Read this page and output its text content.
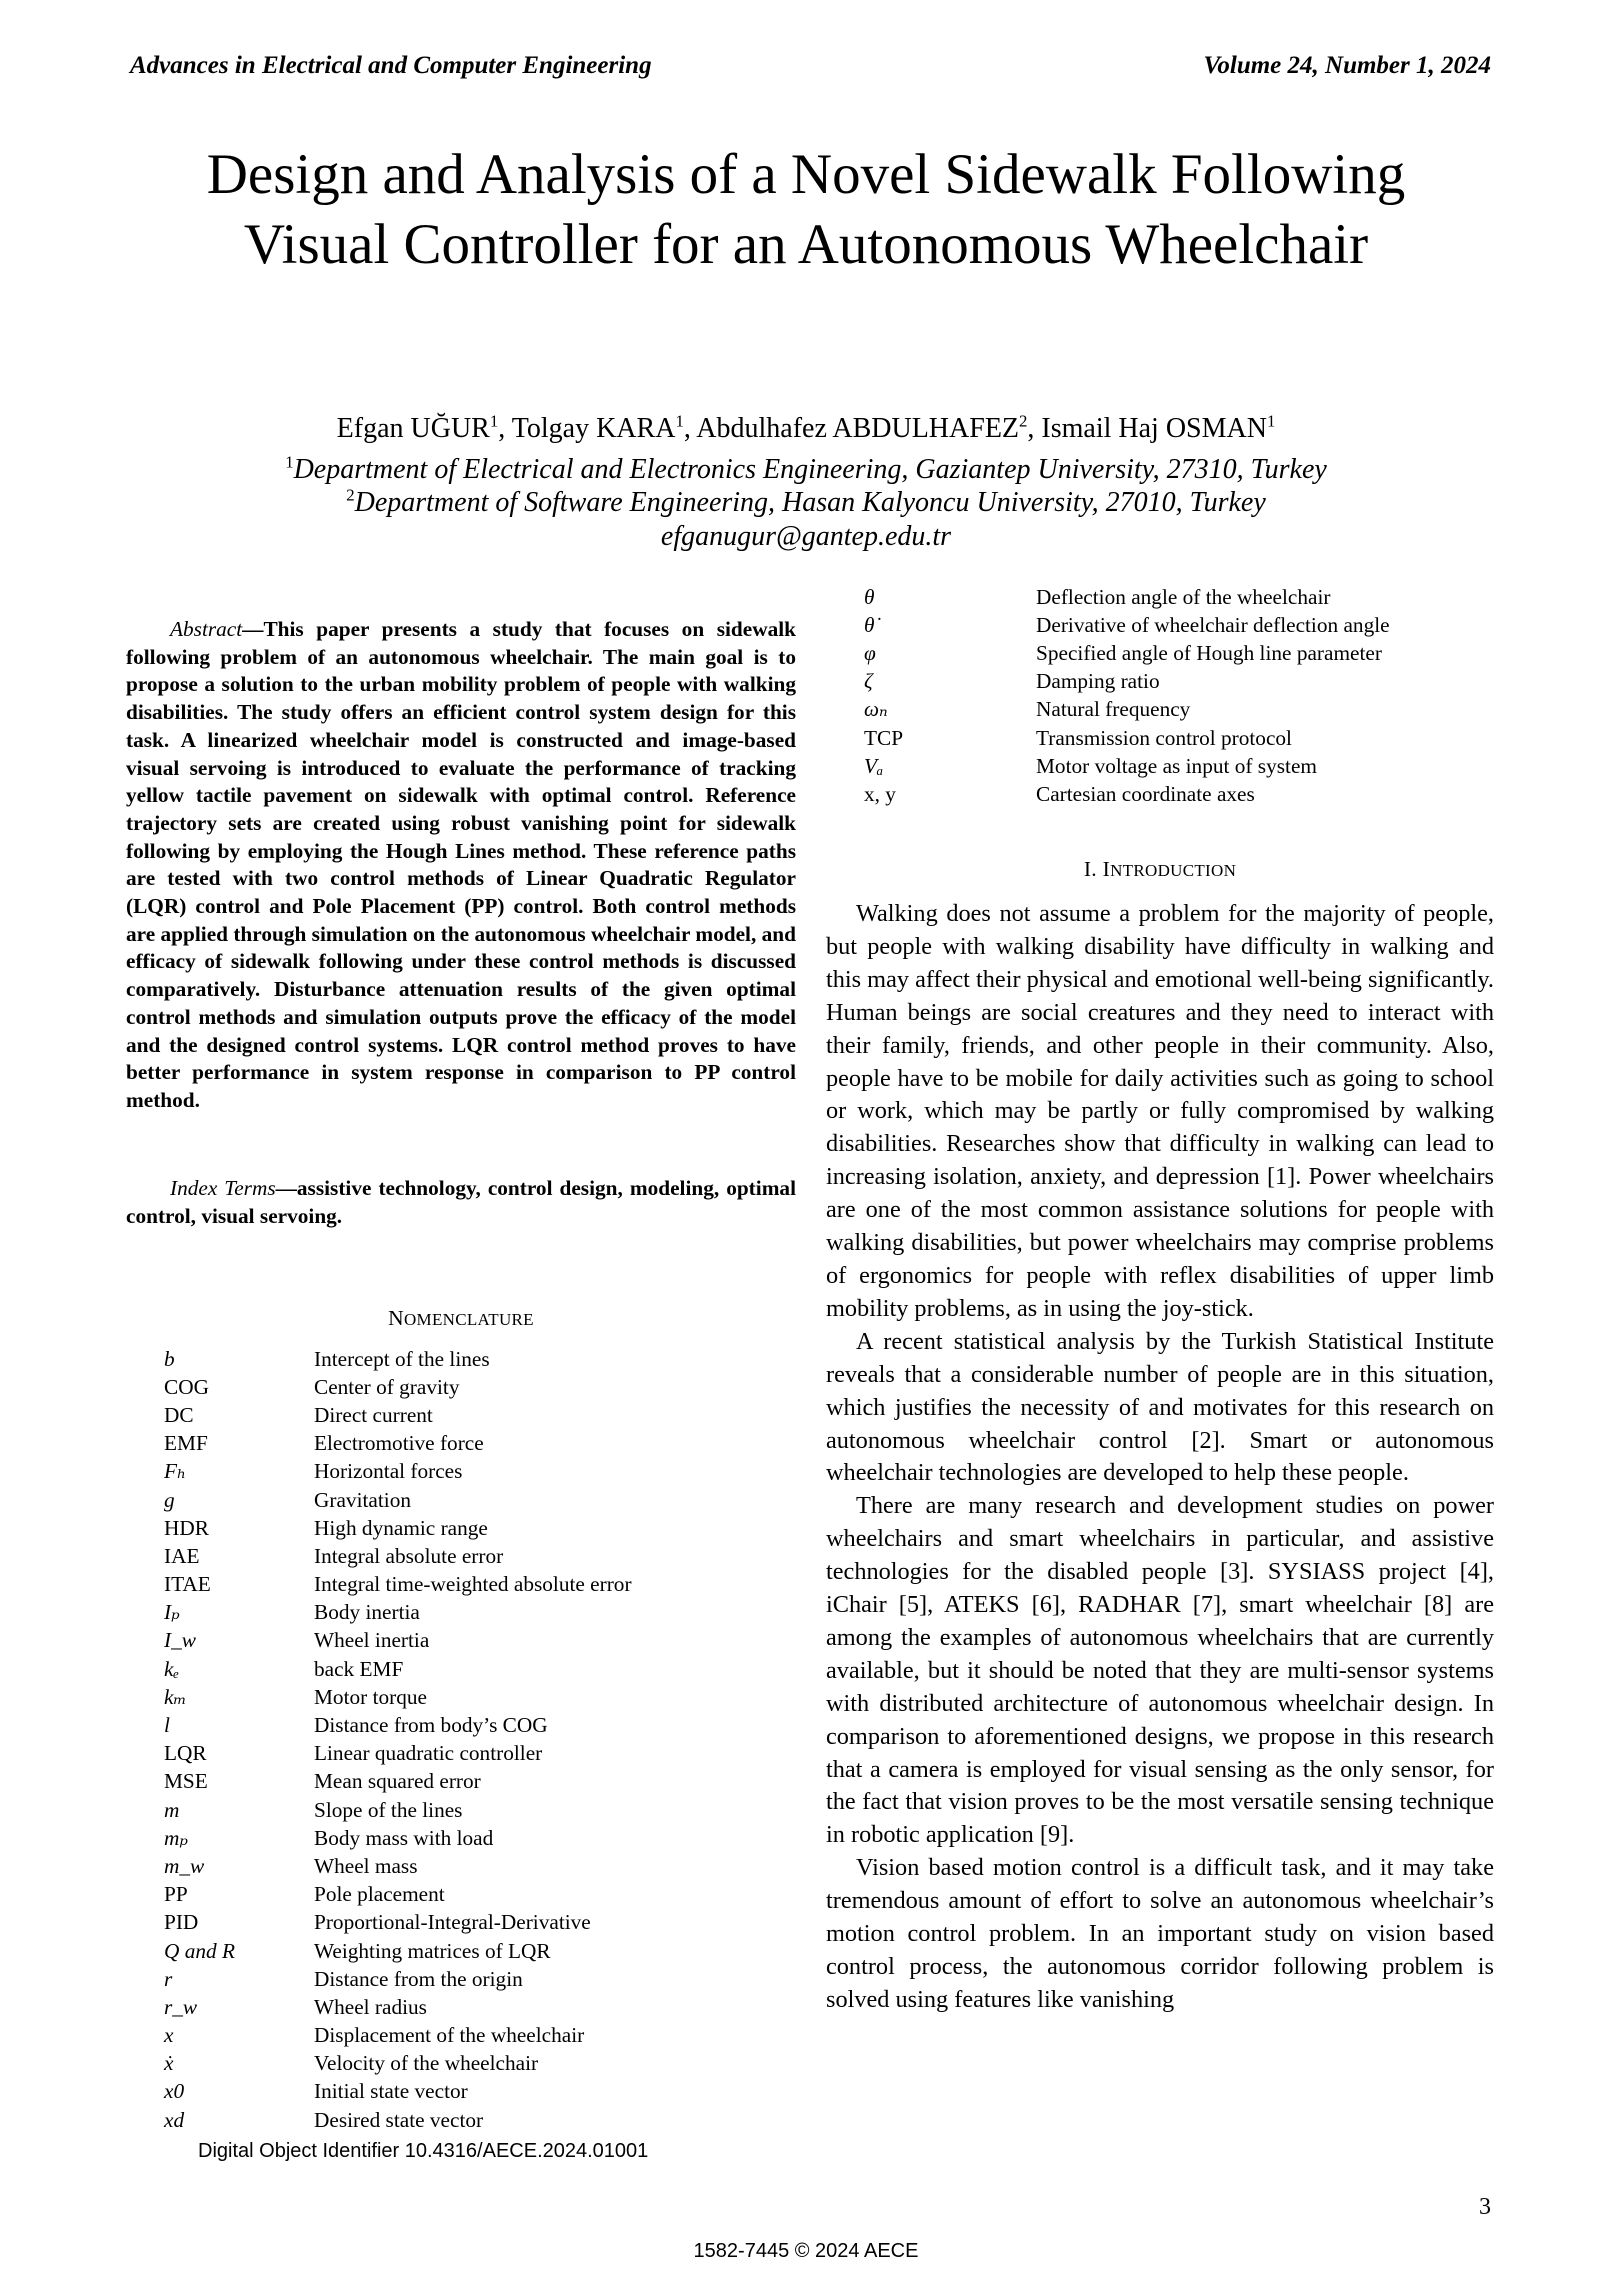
Advances in Electrical and Computer Engineering	Volume 24, Number 1, 2024
Design and Analysis of a Novel Sidewalk Following Visual Controller for an Autonomous Wheelchair
Efgan UĞUR$^1$, Tolgay KARA$^1$, Abdulhafez ABDULHAFEZ$^2$, Ismail Haj OSMAN$^1$
$^1$Department of Electrical and Electronics Engineering, Gaziantep University, 27310, Turkey
$^2$Department of Software Engineering, Hasan Kalyoncu University, 27010, Turkey
efganugur@gantep.edu.tr

Abstract—This paper presents a study that focuses on sidewalk following problem of an autonomous wheelchair. The main goal is to propose a solution to the urban mobility problem of people with walking disabilities. The study offers an efficient control system design for this task. A linearized wheelchair model is constructed and image-based visual servoing is introduced to evaluate the performance of tracking yellow tactile pavement on sidewalk with optimal control. Reference trajectory sets are created using robust vanishing point for sidewalk following by employing the Hough Lines method. These reference paths are tested with two control methods of Linear Quadratic Regulator (LQR) control and Pole Placement (PP) control. Both control methods are applied through simulation on the autonomous wheelchair model, and efficacy of sidewalk following under these control methods is discussed comparatively. Disturbance attenuation results of the given optimal control methods and simulation outputs prove the efficacy of the model and the designed control systems. LQR control method proves to have better performance in system response in comparison to PP control method.

Index Terms—assistive technology, control design, modeling, optimal control, visual servoing.

NOMENCLATURE
b	Intercept of the lines
COG	Center of gravity
DC	Direct current
EMF	Electromotive force
Fₕ	Horizontal forces
g	Gravitation
HDR	High dynamic range
IAE	Integral absolute error
ITAE	Integral time-weighted absolute error
Iₚ	Body inertia
I_w	Wheel inertia
kₑ	back EMF
kₘ	Motor torque
l	Distance from body’s COG
LQR	Linear quadratic controller
MSE	Mean squared error
m	Slope of the lines
mₚ	Body mass with load
m_w	Wheel mass
PP	Pole placement
PID	Proportional-Integral-Derivative
Q and R	Weighting matrices of LQR
r	Distance from the origin
r_w	Wheel radius
x	Displacement of the wheelchair
ẋ	Velocity of the wheelchair
x0	Initial state vector
xd	Desired state vector
θ	Deflection angle of the wheelchair
θ̇	Derivative of wheelchair deflection angle
φ	Specified angle of Hough line parameter
ζ	Damping ratio
ωₙ	Natural frequency
TCP	Transmission control protocol
Vₐ	Motor voltage as input of system
x, y	Cartesian coordinate axes
I. INTRODUCTION

Walking does not assume a problem for the majority of people, but people with walking disability have difficulty in walking and this may affect their physical and emotional well-being significantly. Human beings are social creatures and they need to interact with their family, friends, and other people in their community. Also, people have to be mobile for daily activities such as going to school or work, which may be partly or fully compromised by walking disabilities. Researches show that difficulty in walking can lead to increasing isolation, anxiety, and depression [1]. Power wheelchairs are one of the most common assistance solutions for people with walking disabilities, but power wheelchairs may comprise problems of ergonomics for people with reflex disabilities of upper limb mobility problems, as in using the joy-stick.

A recent statistical analysis by the Turkish Statistical Institute reveals that a considerable number of people are in this situation, which justifies the necessity of and motivates for this research on autonomous wheelchair control [2]. Smart or autonomous wheelchair technologies are developed to help these people.

There are many research and development studies on power wheelchairs and smart wheelchairs in particular, and assistive technologies for the disabled people [3]. SYSIASS project [4], iChair [5], ATEKS [6], RADHAR [7], smart wheelchair [8] are among the examples of autonomous wheelchairs that are currently available, but it should be noted that they are multi-sensor systems with distributed architecture of autonomous wheelchair design. In comparison to aforementioned designs, we propose in this research that a camera is employed for visual sensing as the only sensor, for the fact that vision proves to be the most versatile sensing technique in robotic application [9].

Vision based motion control is a difficult task, and it may take tremendous amount of effort to solve an autonomous wheelchair’s motion control problem. In an important study on vision based control process, the autonomous corridor following problem is solved using features like vanishing

Digital Object Identifier 10.4316/AECE.2024.01001
3
1582-7445 © 2024 AECE
